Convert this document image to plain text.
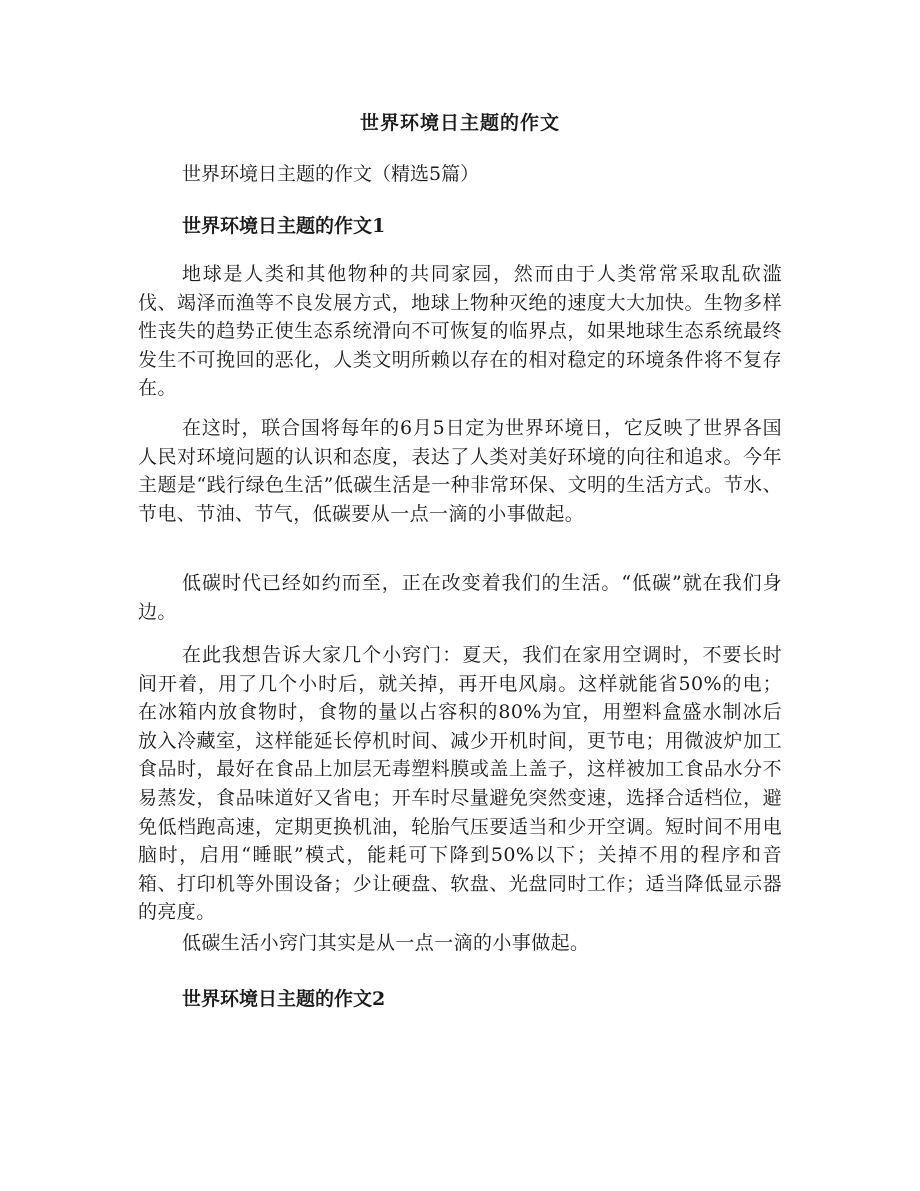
世界环境日主题的作文
世界环境日主题的作文（精选5篇）
世界环境日主题的作文1
地球是人类和其他物种的共同家园，然而由于人类常常采取乱砍滥伐、竭泽而渔等不良发展方式，地球上物种灭绝的速度大大加快。生物多样性丧失的趋势正使生态系统滑向不可恢复的临界点，如果地球生态系统最终发生不可挽回的恶化，人类文明所赖以存在的相对稳定的环境条件将不复存在。
在这时，联合国将每年的6月5日定为世界环境日，它反映了世界各国人民对环境问题的认识和态度，表达了人类对美好环境的向往和追求。今年主题是“践行绿色生活”低碳生活是一种非常环保、文明的生活方式。节水、节电、节油、节气，低碳要从一点一滴的小事做起。
低碳时代已经如约而至，正在改变着我们的生活。“低碳”就在我们身边。
在此我想告诉大家几个小窍门：夏天，我们在家用空调时，不要长时间开着，用了几个小时后，就关掉，再开电风扇。这样就能省50%的电；在冰箱内放食物时，食物的量以占容积的80%为宜，用塑料盒盛水制冰后放入冷藏室，这样能延长停机时间、减少开机时间，更节电；用微波炉加工食品时，最好在食品上加层无毒塑料膜或盖上盖子，这样被加工食品水分不易蒸发，食品味道好又省电；开车时尽量避免突然变速，选择合适档位，避免低档跑高速，定期更换机油，轮胎气压要适当和少开空调。短时间不用电脑时，启用“睡眠”模式，能耗可下降到50%以下；关掉不用的程序和音箱、打印机等外围设备；少让硬盘、软盘、光盘同时工作；适当降低显示器的亮度。
低碳生活小窍门其实是从一点一滴的小事做起。
世界环境日主题的作文2
